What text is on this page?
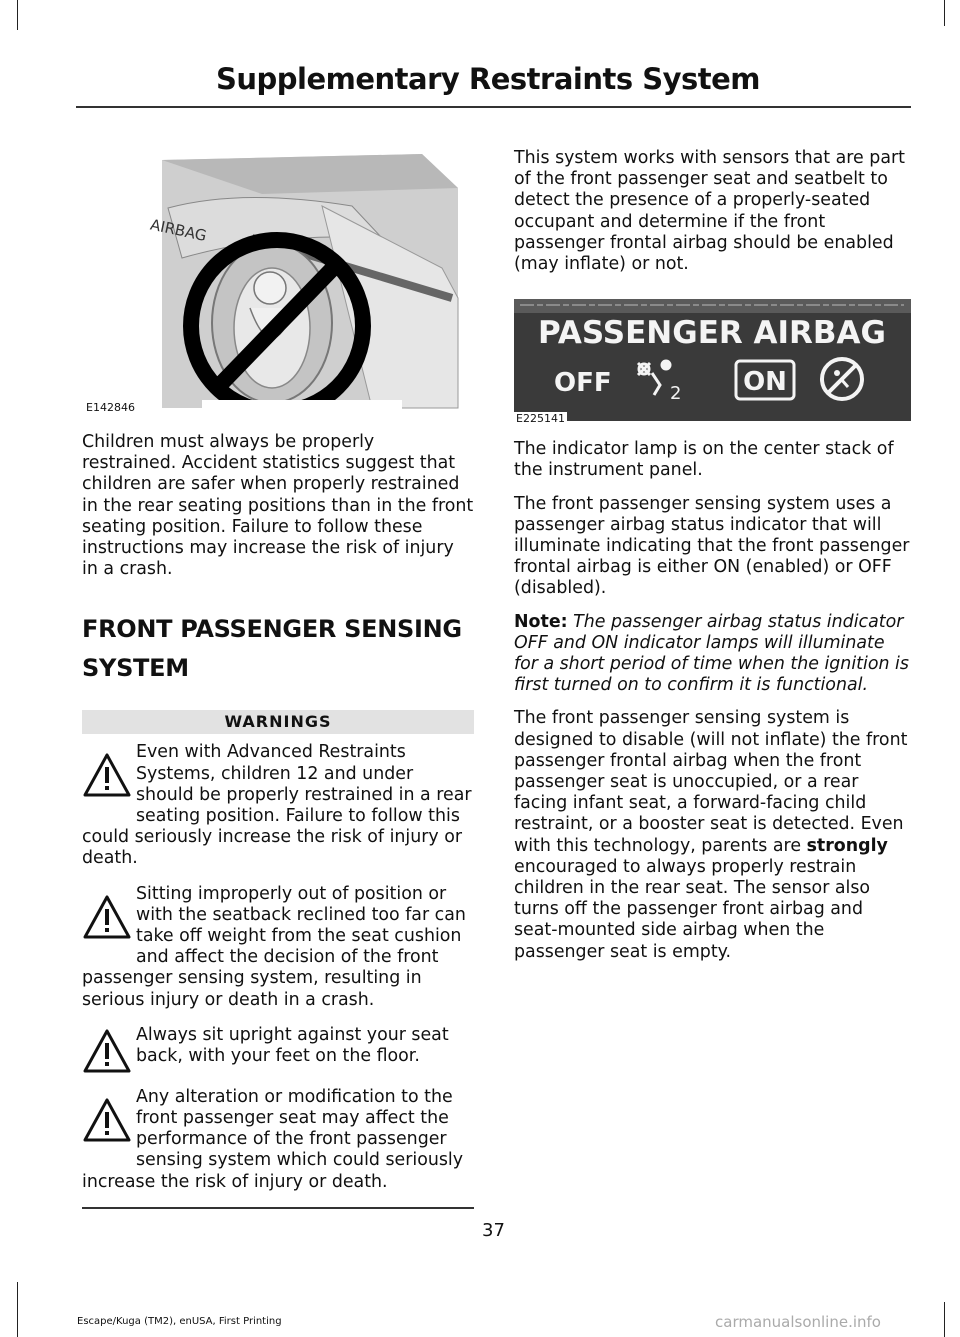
Supplementary Restraints System
AIRBAG
E142846

Children must always be properly restrained. Accident statistics suggest that children are safer when properly restrained in the rear seating positions than in the front seating position. Failure to follow these instructions may increase the risk of injury in a crash.

FRONT PASSENGER SENSING
SYSTEM
WARNINGS
Even with Advanced Restraints Systems, children 12 and under should be properly restrained in a rear seating position. Failure to follow this could seriously increase the risk of injury or death.
Sitting improperly out of position or with the seatback reclined too far can take off weight from the seat cushion and affect the decision of the front passenger sensing system, resulting in serious injury or death in a crash.
Always sit upright against your seat back, with your feet on the floor.
Any alteration or modification to the front passenger seat may affect the performance of the front passenger sensing system which could seriously increase the risk of injury or death.

This system works with sensors that are part of the front passenger seat and seatbelt to detect the presence of a properly-seated occupant and determine if the front passenger frontal airbag should be enabled (may inflate) or not.

PASSENGER AIRBAG
OFF	2 ON
E225141

The indicator lamp is on the center stack of the instrument panel.

The front passenger sensing system uses a passenger airbag status indicator that will illuminate indicating that the front passenger frontal airbag is either ON (enabled) or OFF (disabled).

Note: The passenger airbag status indicator OFF and ON indicator lamps will illuminate for a short period of time when the ignition is first turned on to confirm it is functional.

The front passenger sensing system is designed to disable (will not inflate) the front passenger frontal airbag when the front passenger seat is unoccupied, or a rear facing infant seat, a forward-facing child restraint, or a booster seat is detected. Even with this technology, parents are strongly encouraged to always properly restrain children in the rear seat. The sensor also turns off the passenger front airbag and seat-mounted side airbag when the passenger seat is empty.

37
Escape/Kuga (TM2), enUSA, First Printing	carmanualsonline.info
